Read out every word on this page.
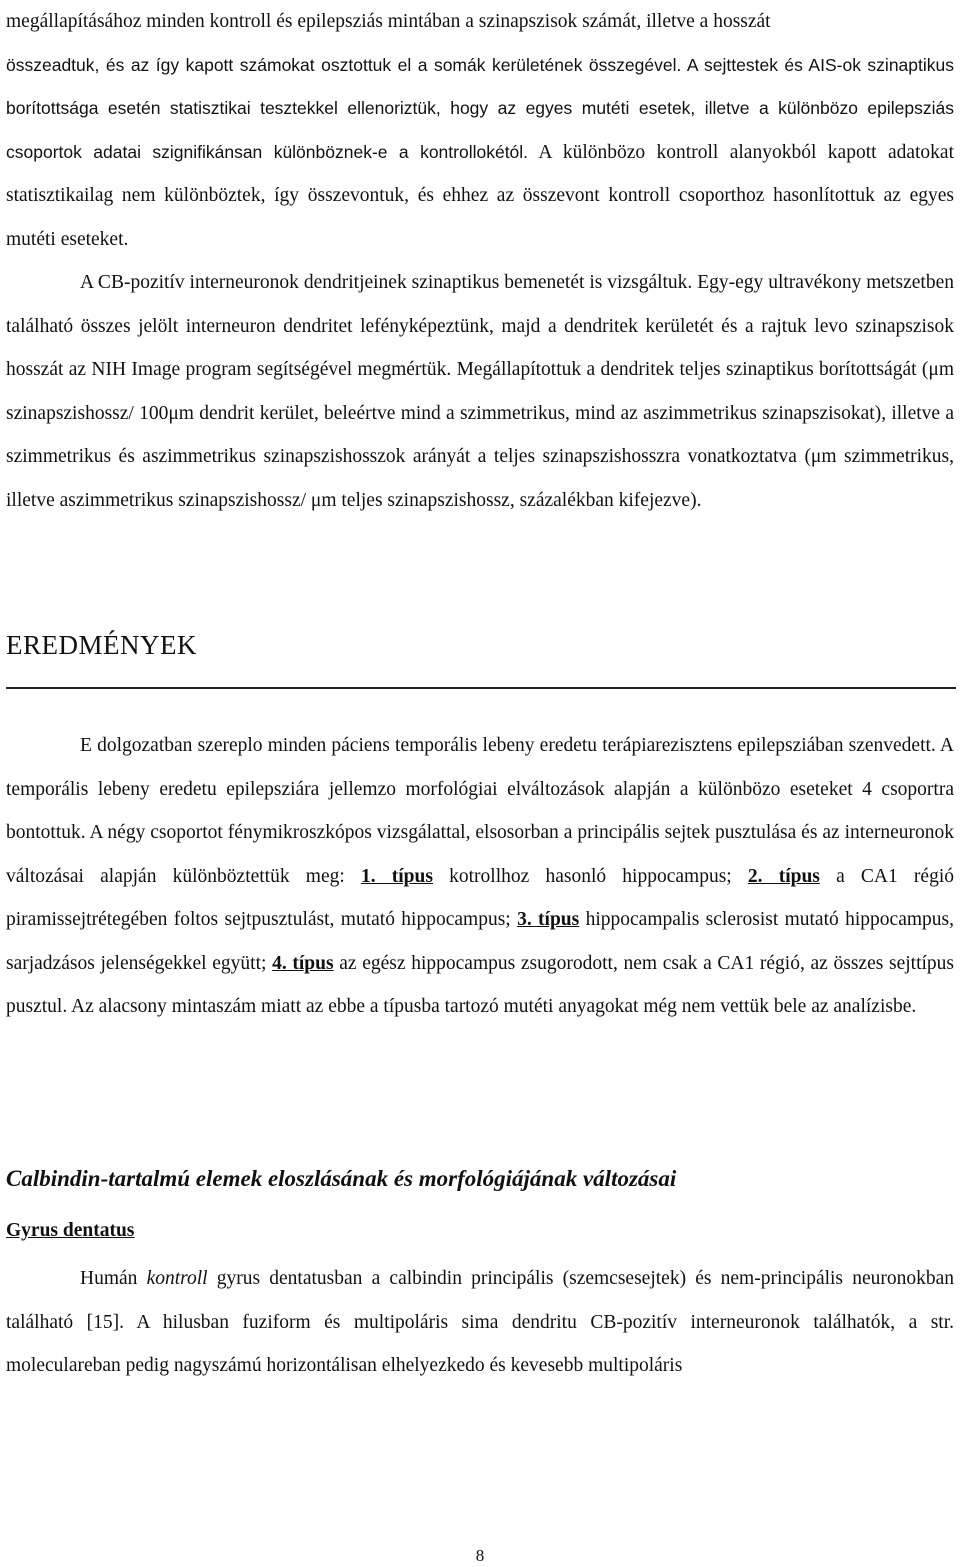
megállapításához minden kontroll és epilepsziás mintában a szinapszisok számát, illetve a hosszát

összeadtuk, és az így kapott számokat osztottuk el a somák kerületének összegével. A sejttestek és AIS-ok szinaptikus borítottsága esetén statisztikai tesztekkel ellenoriztük, hogy az egyes mutéti esetek, illetve a különbözo epilepsziás csoportok adatai szignifikánsan különböznek-e a kontrollokétól. A különbözo kontroll alanyokból kapott adatokat statisztikailag nem különböztek, így összevontuk, és ehhez az összevont kontroll csoporthoz hasonlítottuk az egyes mutéti eseteket.

A CB-pozitív interneuronok dendritjeinek szinaptikus bemenetét is vizsgáltuk. Egy-egy ultravékony metszetben található összes jelölt interneuron dendritet lefényképeztünk, majd a dendritek kerületét és a rajtuk levo szinapszisok hosszát az NIH Image program segítségével megmértük. Megállapítottuk a dendritek teljes szinaptikus borítottságát (μm szinapszishossz/ 100μm dendrit kerület, beleértve mind a szimmetrikus, mind az aszimmetrikus szinapszisokat), illetve a szimmetrikus és aszimmetrikus szinapszishosszok arányát a teljes szinapszishosszra vonatkoztatva (μm szimmetrikus, illetve aszimmetrikus szinapszishossz/ μm teljes szinapszishossz, százalékban kifejezve).

EREDMÉNYEK

E dolgozatban szereplo minden páciens temporális lebeny eredetu terápiarezisztens epilepsziában szenvedett. A temporális lebeny eredetu epilepsziára jellemzo morfológiai elváltozások alapján a különbözo eseteket 4 csoportra bontottuk. A négy csoportot fénymikroszkópos vizsgálattal, elsosorban a principális sejtek pusztulása és az interneuronok változásai alapján különböztettük meg: 1. típus kotrollhoz hasonló hippocampus; 2. típus a CA1 régió piramissejtrétegében foltos sejtpusztulást, mutató hippocampus; 3. típus hippocampalis sclerosist mutató hippocampus, sarjadzásos jelenségekkel együtt; 4. típus az egész hippocampus zsugorodott, nem csak a CA1 régió, az összes sejttípus pusztul. Az alacsony mintaszám miatt az ebbe a típusba tartozó mutéti anyagokat még nem vettük bele az analízisbe.

Calbindin-tartalmú elemek eloszlásának és morfológiájának változásai
Gyrus dentatus

Humán kontroll gyrus dentatusban a calbindin principális (szemcsesejtek) és nem-principális neuronokban található [15]. A hilusban fuziform és multipoláris sima dendritu CB-pozitív interneuronok találhatók, a str. moleculareban pedig nagyszámú horizontálisan elhelyezkedo és kevesebb multipoláris

8
